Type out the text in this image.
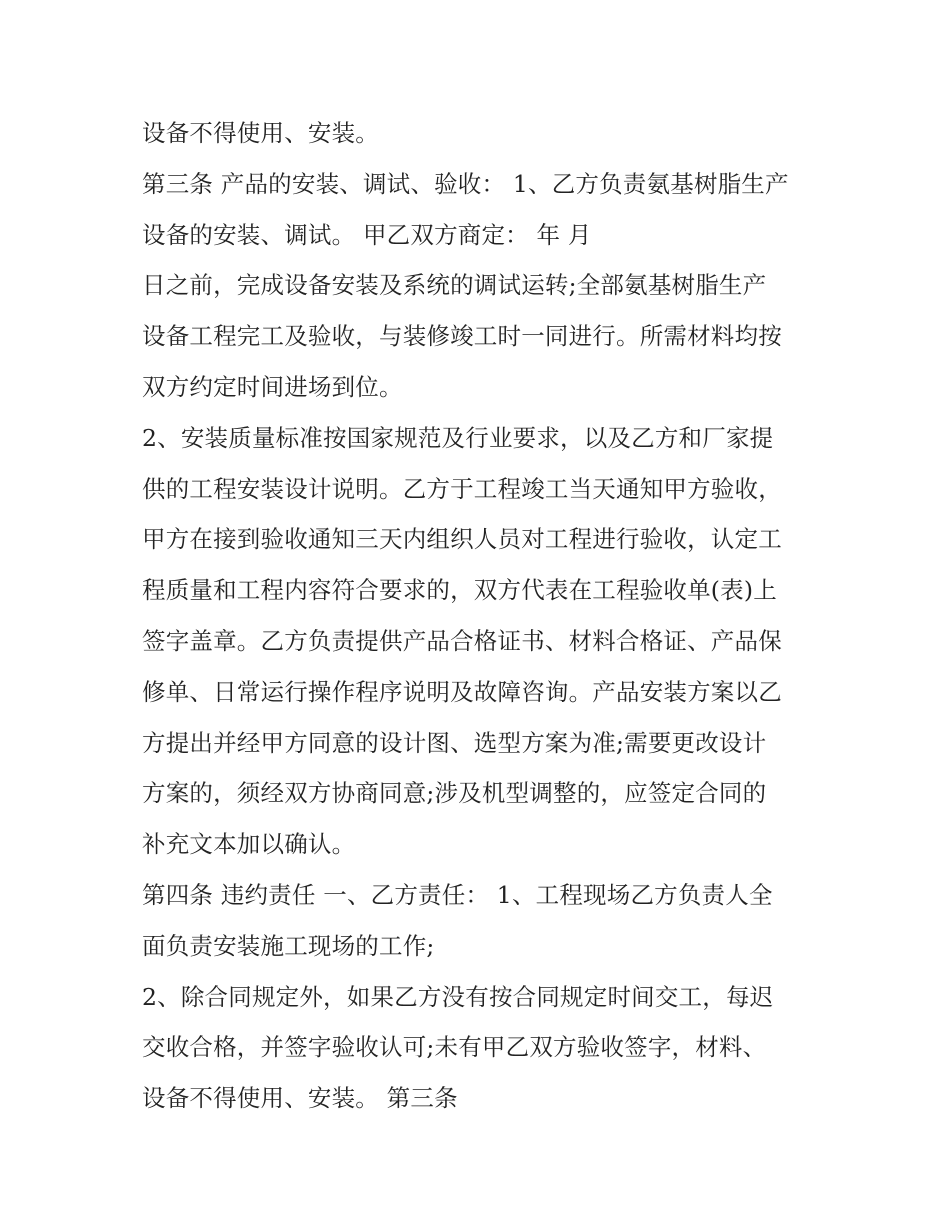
设备不得使用、安装。
第三条 产品的安装、调试、验收： 1、乙方负责氨基树脂生产
设备的安装、调试。 甲乙双方商定： 年 月
日之前，完成设备安装及系统的调试运转;全部氨基树脂生产
设备工程完工及验收，与装修竣工时一同进行。所需材料均按
双方约定时间进场到位。
2、安装质量标准按国家规范及行业要求，以及乙方和厂家提
供的工程安装设计说明。乙方于工程竣工当天通知甲方验收，
甲方在接到验收通知三天内组织人员对工程进行验收，认定工
程质量和工程内容符合要求的，双方代表在工程验收单(表)上
签字盖章。乙方负责提供产品合格证书、材料合格证、产品保
修单、日常运行操作程序说明及故障咨询。产品安装方案以乙
方提出并经甲方同意的设计图、选型方案为准;需要更改设计
方案的，须经双方协商同意;涉及机型调整的，应签定合同的
补充文本加以确认。
第四条 违约责任 一、乙方责任： 1、工程现场乙方负责人全
面负责安装施工现场的工作;
2、除合同规定外，如果乙方没有按合同规定时间交工，每迟
交收合格，并签字验收认可;未有甲乙双方验收签字，材料、
设备不得使用、安装。 第三条
